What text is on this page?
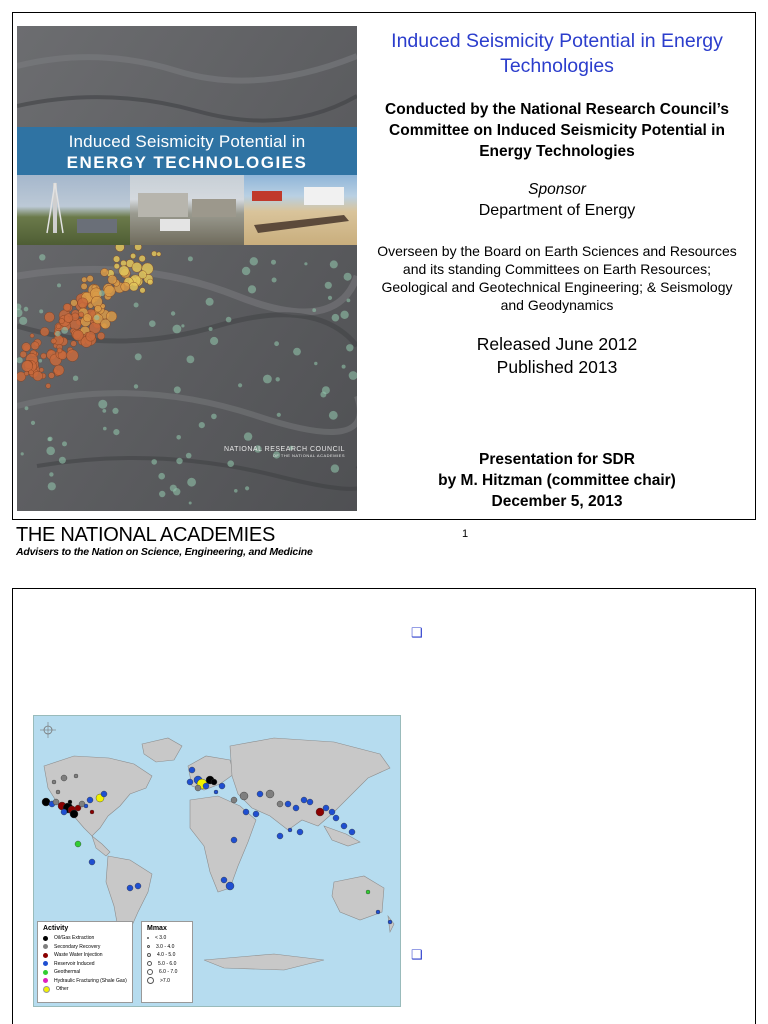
Induced Seismicity Potential in
ENERGY TECHNOLOGIES
NATIONAL RESEARCH COUNCIL
OF THE NATIONAL ACADEMIES
Induced Seismicity Potential in Energy
Technologies
Conducted by the National Research Council’s
Committee on Induced Seismicity Potential in
Energy Technologies
Sponsor
Department of Energy
Overseen by the Board on Earth Sciences and Resources
and its standing Committees on Earth Resources;
Geological and Geotechnical Engineering; & Seismology
and Geodynamics
Released June 2012
Published 2013
Presentation for SDR
by M. Hitzman (committee chair)
December 5, 2013
THE NATIONAL ACADEMIES
Advisers to the Nation on Science, Engineering, and Medicine
1
❑
❑
Activity
Oil/Gas Extraction
Secondary Recovery
Waste Water Injection
Reservoir Induced
Geothermal
Hydraulic Fracturing (Shale Gas)
Other
Mmax
< 3.0
3.0 - 4.0
4.0 - 5.0
5.0 - 6.0
6.0 - 7.0
>7.0
